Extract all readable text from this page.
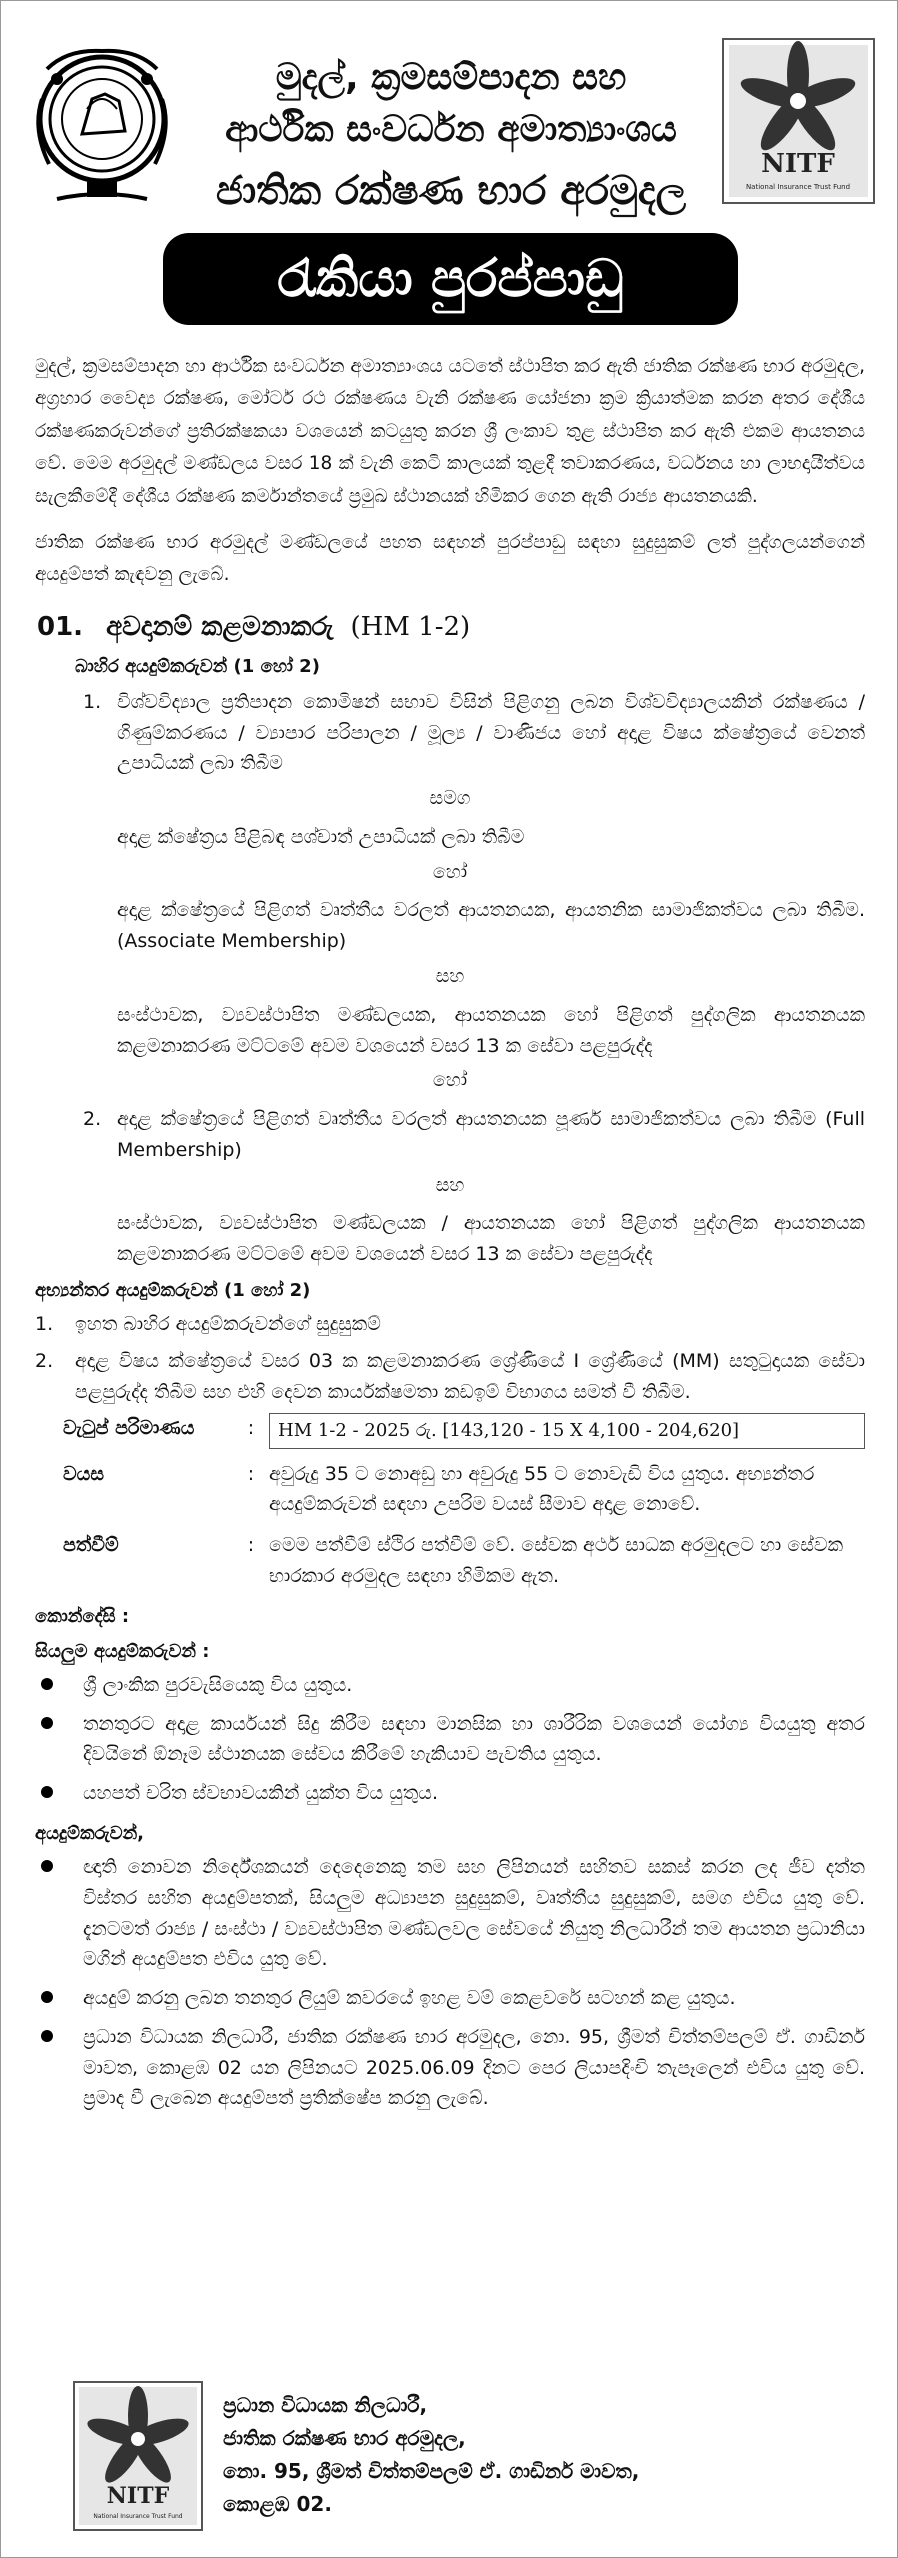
මුදල්, ක්‍රමසම්පාදන සහ
ආර්ථික සංවර්ධන අමාත්‍යාංශය
ජාතික රක්ෂණ භාර අරමුදල
NITF
National Insurance Trust Fund
රැකියා පුරප්පාඩු

මුදල්, ක්‍රමසම්පාදන හා ආර්ථික සංවර්ධන අමාත්‍යාංශය යටතේ ස්ථාපිත කර ඇති ජාතික රක්ෂණ භාර අරමුදල, අග්‍රහාර වෛද්‍ය රක්ෂණ, මෝටර් රථ රක්ෂණය වැනි රක්ෂණ යෝජනා ක්‍රම ක්‍රියාත්මක කරන අතර දේශීය රක්ෂණකරුවන්ගේ ප්‍රතිරක්ෂකයා වශයෙන් කටයුතු කරන ශ්‍රී ලංකාව තුළ ස්ථාපිත කර ඇති එකම ආයතනය වේ. මෙම අරමුදල් මණ්ඩලය වසර 18 ක් වැනි කෙටි කාලයක් තුළදී තවාකරණය, වර්ධනය හා ලාභදායීත්වය සැලකීමේදී දේශීය රක්ෂණ කර්මාන්තයේ ප්‍රමුඛ ස්ථානයක් හිමිකර ගෙන ඇති රාජ්‍ය ආයතනයකි.

ජාතික රක්ෂණ භාර අරමුදල් මණ්ඩලයේ පහත සඳහන් පුරප්පාඩු සඳහා සුදුසුකම් ලත් පුද්ගලයන්ගෙන් අයදුම්පත් කැඳවනු ලැබේ.

01. අවදානම් කළමනාකරු (HM 1-2)
බාහිර අයදුම්කරුවන් (1 හෝ 2)
1. විශ්වවිද්‍යාල ප්‍රතිපාදන කොමිෂන් සභාව විසින් පිළිගනු ලබන විශ්වවිද්‍යාලයකින් රක්ෂණය / ගිණුම්කරණය / ව්‍යාපාර පරිපාලන / මූල්‍ය / වාණිජය හෝ අදාළ විෂය ක්ෂේත්‍රයේ වෙනත් උපාධියක් ලබා තිබීම
සමග
අදාළ ක්ෂේත්‍රය පිළිබඳ පශ්චාත් උපාධියක් ලබා තිබීම
හෝ
අදාළ ක්ෂේත්‍රයේ පිළිගත් වෘත්තීය වරලත් ආයතනයක, ආයතනික සාමාජිකත්වය ලබා තිබීම. (Associate Membership)
සහ
සංස්ථාවක, ව්‍යවස්ථාපිත මණ්ඩලයක, ආයතනයක හෝ පිළිගත් පුද්ගලික ආයතනයක කළමනාකරණ මට්ටමේ අවම වශයෙන් වසර 13 ක සේවා පළපුරුද්ද
හෝ
2. අදාළ ක්ෂේත්‍රයේ පිළිගත් වෘත්තීය වරලත් ආයතනයක පූර්ණ සාමාජිකත්වය ලබා තිබීම (Full Membership)
සහ
සංස්ථාවක, ව්‍යවස්ථාපිත මණ්ඩලයක / ආයතනයක හෝ පිළිගත් පුද්ගලික ආයතනයක කළමනාකරණ මට්ටමේ අවම වශයෙන් වසර 13 ක සේවා පළපුරුද්ද
අභ්‍යන්තර අයදුම්කරුවන් (1 හෝ 2)
1. ඉහත බාහිර අයදුම්කරුවන්ගේ සුදුසුකම්
2. අදාළ විෂය ක්ෂේත්‍රයේ වසර 03 ක කළමනාකරණ ශ්‍රේණියේ I ශ්‍රේණියේ (MM) සතුටුදායක සේවා පළපුරුද්ද තිබීම සහ එහි දෙවන කාර්යක්ෂමතා කඩඉම් විභාගය සමත් වී තිබීම.
වැටුප් පරිමාණය	:	HM 1-2 - 2025 රු. [143,120 - 15 X 4,100 - 204,620]
වයස	: අවුරුදු 35 ට නොඅඩු හා අවුරුදු 55 ට නොවැඩි විය යුතුය. අභ්‍යන්තර අයදුම්කරුවන් සඳහා උපරිම වයස් සීමාව අදාළ නොවේ.
පත්වීම්	: මෙම පත්වීම් ස්ථිර පත්වීම් වේ. සේවක අර්ථ සාධක අරමුදලට හා සේවක භාරකාර අරමුදල සඳහා හිමිකම ඇත.
කොන්දේසි :
සියලුම අයදුම්කරුවන් :
ශ්‍රී ලාංකික පුරවැසියෙකු විය යුතුය.
තනතුරට අදාළ කාර්යයන් සිදු කිරීම සඳහා මානසික හා ශාරීරික වශයෙන් යෝග්‍ය වියයුතු අතර දිවයිනේ ඕනෑම ස්ථානයක සේවය කිරීමේ හැකියාව පැවතිය යුතුය.
යහපත් චරිත ස්වභාවයකින් යුක්ත විය යුතුය.
අයදුම්කරුවන්,
ඥාති නොවන නිර්දේශකයන් දෙදෙනෙකු තම සහ ලිපිනයන් සහිතව සකස් කරන ලද ජීව දත්ත විස්තර සහිත අයදුම්පතක්, සියලුම අධ්‍යාපන සුදුසුකම්, වෘත්තීය සුදුසුකම්, සමග එවිය යුතු වේ. දැනටමත් රාජ්‍ය / සංස්ථා / ව්‍යවස්ථාපිත මණ්ඩලවල සේවයේ නියුතු නිලධාරීන් තම ආයතන ප්‍රධානියා මගින් අයදුම්පත එවිය යුතු වේ.
අයදුම් කරනු ලබන තනතුර ලියුම් කවරයේ ඉහළ වම් කෙළවරේ සටහන් කළ යුතුය.
ප්‍රධාන විධායක නිලධාරී, ජාතික රක්ෂණ භාර අරමුදල, නො. 95, ශ්‍රීමත් චිත්තම්පලම් ඒ. ගාඩිනර් මාවත, කොළඹ 02 යන ලිපිනයට 2025.06.09 දිනට පෙර ලියාපදිංචි තැපෑලෙන් එවිය යුතු වේ. ප්‍රමාද වී ලැබෙන අයදුම්පත් ප්‍රතික්ෂේප කරනු ලැබේ.
NITF
National Insurance Trust Fund
ප්‍රධාන විධායක නිලධාරී,
ජාතික රක්ෂණ භාර අරමුදල,
නො. 95, ශ්‍රීමත් චිත්තම්පලම් ඒ. ගාඩිනර් මාවත,
කොළඹ 02.
